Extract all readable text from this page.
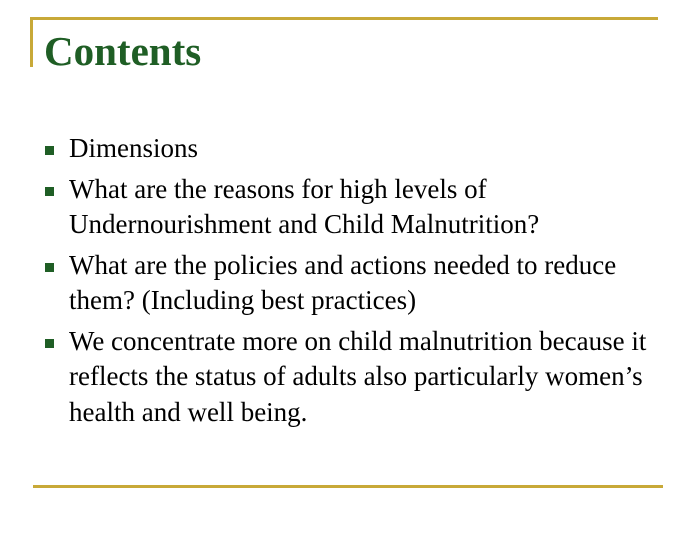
Contents
Dimensions
What are the reasons for high levels of Undernourishment and Child Malnutrition?
What are the policies and actions needed to reduce them? (Including best practices)
We concentrate more on child malnutrition because it reflects the status of adults also particularly women’s health and well being.
